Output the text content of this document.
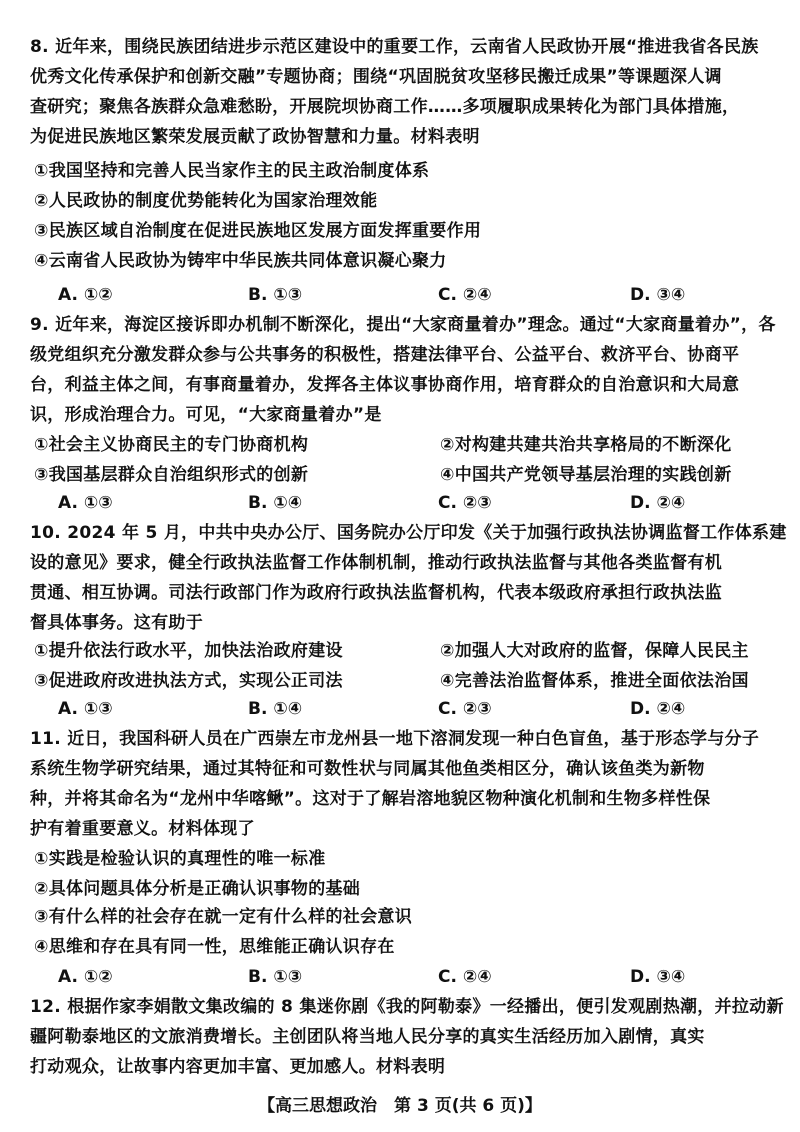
8. 近年来，围绕民族团结进步示范区建设中的重要工作，云南省人民政协开展“推进我省各民族
优秀文化传承保护和创新交融”专题协商；围绕“巩固脱贫攻坚移民搬迁成果”等课题深人调
查研究；聚焦各族群众急难愁盼，开展院坝协商工作……多项履职成果转化为部门具体措施，
为促进民族地区繁荣发展贡献了政协智慧和力量。材料表明
①我国坚持和完善人民当家作主的民主政治制度体系
②人民政协的制度优势能转化为国家治理效能
③民族区域自治制度在促进民族地区发展方面发挥重要作用
④云南省人民政协为铸牢中华民族共同体意识凝心聚力
A. ①②	B. ①③	C. ②④	D. ③④
9. 近年来，海淀区接诉即办机制不断深化，提出“大家商量着办”理念。通过“大家商量着办”，各
级党组织充分激发群众参与公共事务的积极性，搭建法律平台、公益平台、救济平台、协商平
台，利益主体之间，有事商量着办，发挥各主体议事协商作用，培育群众的自治意识和大局意
识，形成治理合力。可见，“大家商量着办”是
①社会主义协商民主的专门协商机构	②对构建共建共治共享格局的不断深化
③我国基层群众自治组织形式的创新	④中国共产党领导基层治理的实践创新
A. ①③	B. ①④	C. ②③	D. ②④
10. 2024 年 5 月，中共中央办公厅、国务院办公厅印发《关于加强行政执法协调监督工作体系建
设的意见》要求，健全行政执法监督工作体制机制，推动行政执法监督与其他各类监督有机
贯通、相互协调。司法行政部门作为政府行政执法监督机构，代表本级政府承担行政执法监
督具体事务。这有助于
①提升依法行政水平，加快法治政府建设	②加强人大对政府的监督，保障人民民主
③促进政府改进执法方式，实现公正司法	④完善法治监督体系，推进全面依法治国
A. ①③	B. ①④	C. ②③	D. ②④
11. 近日，我国科研人员在广西崇左市龙州县一地下溶洞发现一种白色盲鱼，基于形态学与分子
系统生物学研究结果，通过其特征和可数性状与同属其他鱼类相区分，确认该鱼类为新物
种，并将其命名为“龙州中华喀鳅”。这对于了解岩溶地貌区物种演化机制和生物多样性保
护有着重要意义。材料体现了
①实践是检验认识的真理性的唯一标准
②具体问题具体分析是正确认识事物的基础
③有什么样的社会存在就一定有什么样的社会意识
④思维和存在具有同一性，思维能正确认识存在
A. ①②	B. ①③	C. ②④	D. ③④
12. 根据作家李娟散文集改编的 8 集迷你剧《我的阿勒泰》一经播出，便引发观剧热潮，并拉动新
疆阿勒泰地区的文旅消费增长。主创团队将当地人民分享的真实生活经历加入剧情，真实
打动观众，让故事内容更加丰富、更加感人。材料表明
【高三思想政治　第 3 页(共 6 页)】
